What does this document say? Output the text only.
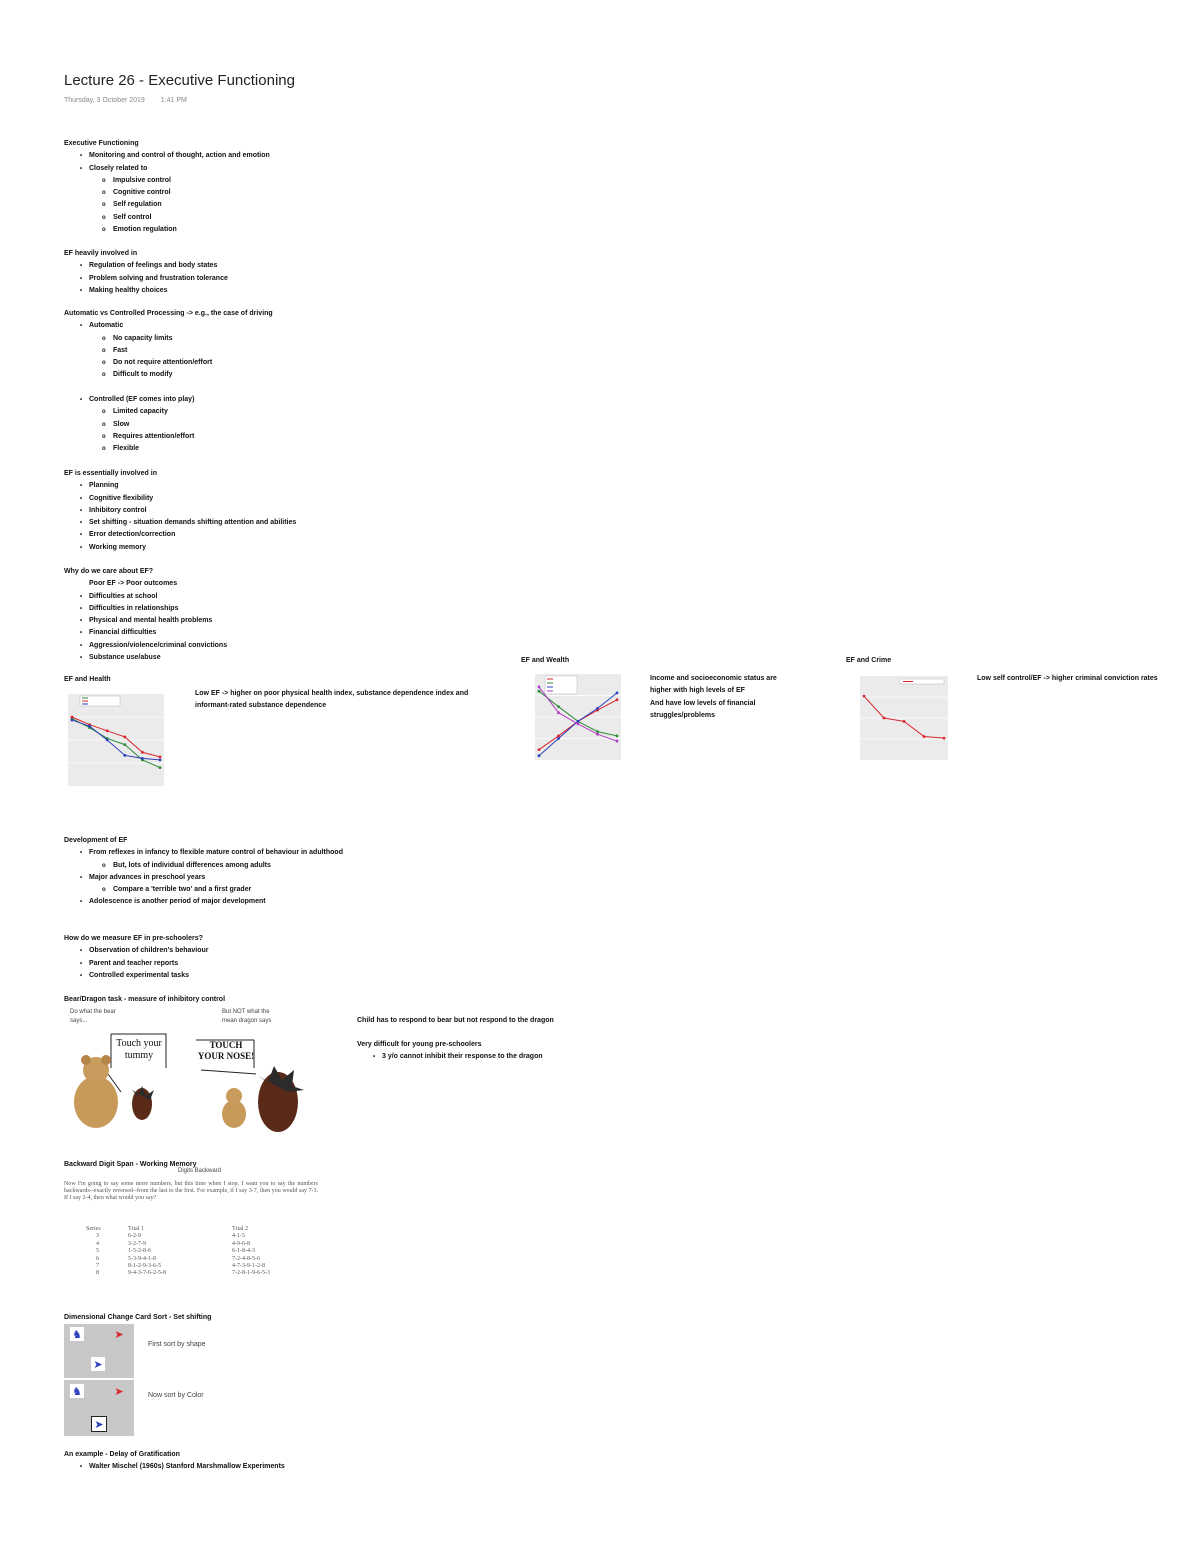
Lecture 26 - Executive Functioning
Thursday, 3 October 2019 1:41 PM
Executive Functioning
• Monitoring and control of thought, action and emotion
• Closely related to
o Impulsive control
o Cognitive control
o Self regulation
o Self control
o Emotion regulation
EF heavily involved in
• Regulation of feelings and body states
• Problem solving and frustration tolerance
• Making healthy choices
Automatic vs Controlled Processing -> e.g., the case of driving
• Automatic
o No capacity limits
o Fast
o Do not require attention/effort
o Difficult to modify
• Controlled (EF comes into play)
o Limited capacity
o Slow
o Requires attention/effort
o Flexible
EF is essentially involved in
• Planning
• Cognitive flexibility
• Inhibitory control
• Set shifting - situation demands shifting attention and abilities
• Error detection/correction
• Working memory
Why do we care about EF?
Poor EF -> Poor outcomes
• Difficulties at school
• Difficulties in relationships
• Physical and mental health problems
• Financial difficulties
• Aggression/violence/criminal convictions
• Substance use/abuse
EF and Health
Low EF -> higher on poor physical health index, substance dependence index and informant-rated substance dependence
EF and Wealth
Income and socioeconomic status are
higher with high levels of EF
And have low levels of financial
struggles/problems
EF and Crime
Low self control/EF -> higher criminal conviction rates
Development of EF
• From reflexes in infancy to flexible mature control of behaviour in adulthood
o But, lots of individual differences among adults
• Major advances in preschool years
o Compare a 'terrible two' and a first grader
• Adolescence is another period of major development
How do we measure EF in pre-schoolers?
• Observation of children's behaviour
• Parent and teacher reports
• Controlled experimental tasks
Bear/Dragon task - measure of inhibitory control
Do what the bear
says...
But NOT what the
mean dragon says
Touch your tummy
TOUCH YOUR NOSE!
Child has to respond to bear but not respond to the dragon
Very difficult for young pre-schoolers
• 3 y/o cannot inhibit their response to the dragon
Backward Digit Span - Working Memory
Digits Backward
Now I'm going to say some more numbers, but this time when I stop, I want you to say the numbers backwards--exactly reversed--from the last to the first. For example, if I say 3-7, then you would say 7-3. If I say 2-4, then what would you say?
Series	Trial 1	Trial 2
3	6-2-9	4-1-5
4	3-2-7-9	4-9-6-8
5	1-5-2-8-6	6-1-8-4-3
6	5-3-9-4-1-8	7-2-4-8-5-6
7	8-1-2-9-3-6-5	4-7-3-9-1-2-8
8	9-4-3-7-6-2-5-8	7-2-8-1-9-6-5-3
Dimensional Change Card Sort - Set shifting
♞	➤
➤
First sort by shape
♞	➤
➤
Now sort by Color
An example - Delay of Gratification
• Walter Mischel (1960s) Stanford Marshmallow Experiments
